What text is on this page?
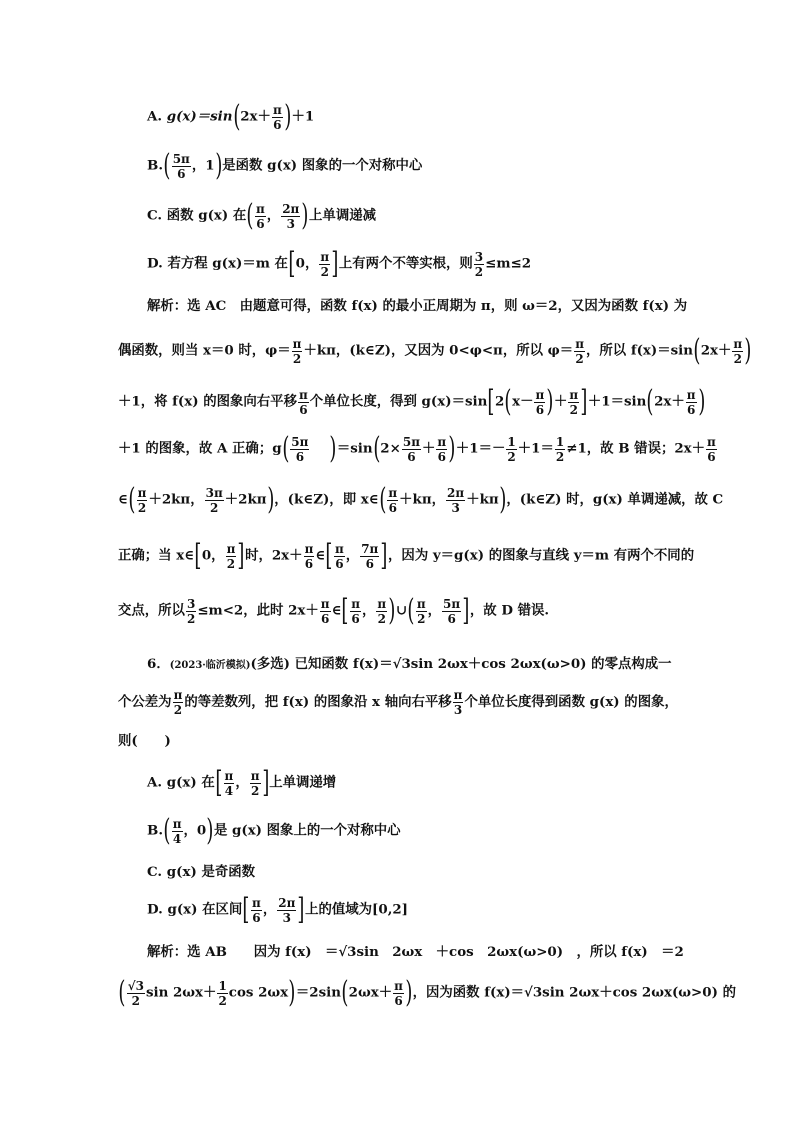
A. $g(x)=\sin(2x+ \frac{\pi}{6} )+1$
$B.( \frac{5\pi}{6}$ ，1)是函数 g(x) 图象的一个对称中心
C. 函数 g(x) 在( $\frac{\pi}{6}$ ， $\frac{2\pi}{3}$ )上单调递减
D. 若方程 g(x)＝m 在[0， $\frac{\pi}{2}$ ]上有两个不等实根，则 $\frac{3}{2} \le m\le 2$
解析：选 AC　由题意可得，函数 f(x) 的最小正周期为 π，则 ω＝2，又因为函数 f(x) 为
偶函数，则当 x＝0 时，$\varphi= \frac{\pi}{2} +k\pi$，(k∈Z)，又因为 0<φ<π，所以 $\varphi= \frac{\pi}{2}$ ，所以 $f(x)=\sin(2x+ \frac{\pi}{2}$ )
＋1，将 f(x) 的图象向右平移 $\frac{\pi}{6}$ 个单位长度，得到 $g(x)=\sin[2(x- \frac{\pi}{6}$ )＋ $\frac{\pi}{2} ]+1=\sin(2x+ \frac{\pi}{6}$ )
＋1 的图象，故 A 正确；$g( \frac{5\pi}{6} )=\sin(2\times \frac{5\pi}{6} + \frac{\pi}{6} )+1=- \frac{1}{2} +1= \frac{1}{2} \ne 1$，故 B 错误；$2x+ \frac{\pi}{6}$
∈( $\frac{\pi}{2} +2k\pi$， $\frac{3\pi}{2} +2k\pi$)，(k∈Z)，即 x∈( $\frac{\pi}{6} +k\pi$， $\frac{2\pi}{3} +k\pi$)，(k∈Z) 时，g(x) 单调递减，故 C
正确；当 x∈[0， $\frac{\pi}{2}$ ]时，$2x+ \frac{\pi}{6}$ ∈[ $\frac{\pi}{6}$ ， $\frac{7\pi}{6}$ ]，因为 y＝g(x) 的图象与直线 y＝m 有两个不同的
交点，所以 $\frac{3}{2} \le m<2$，此时 $2x+ \frac{\pi}{6}$ ∈[ $\frac{\pi}{6}$ ， $\frac{\pi}{2}$ )∪( $\frac{\pi}{2}$ ， $\frac{5\pi}{6}$ ]，故 D 错误.
6．(2023·临沂模拟)(多选) 已知函数 f(x)＝√3sin 2ωx＋cos 2ωx(ω>0) 的零点构成一
个公差为 $\frac{\pi}{2}$ 的等差数列，把 f(x) 的图象沿 x 轴向右平移 $\frac{\pi}{3}$ 个单位长度得到函数 g(x) 的图象，
则(　　)
A. g(x) 在[ $\frac{\pi}{4}$ ， $\frac{\pi}{2}$ ]上单调递增
$B.( \frac{\pi}{4}$ ，0)是 g(x) 图象上的一个对称中心
C. g(x) 是奇函数
D. g(x) 在区间[ $\frac{\pi}{6}$ ， $\frac{2\pi}{3}$ ]上的值域为[0,2]
解析：选 AB　　因为 f(x)　＝√3sin　2ωx　＋cos　2ωx(ω>0)　，所以 f(x)　＝2
( $\frac{√3}{2}$ $\sin 2\omega x+ \frac{1}{2}$ $\cos 2\omega x)=2\sin(2\omega x+ \frac{\pi}{6}$ )，因为函数 f(x)＝√3sin 2ωx＋cos 2ωx(ω>0) 的
